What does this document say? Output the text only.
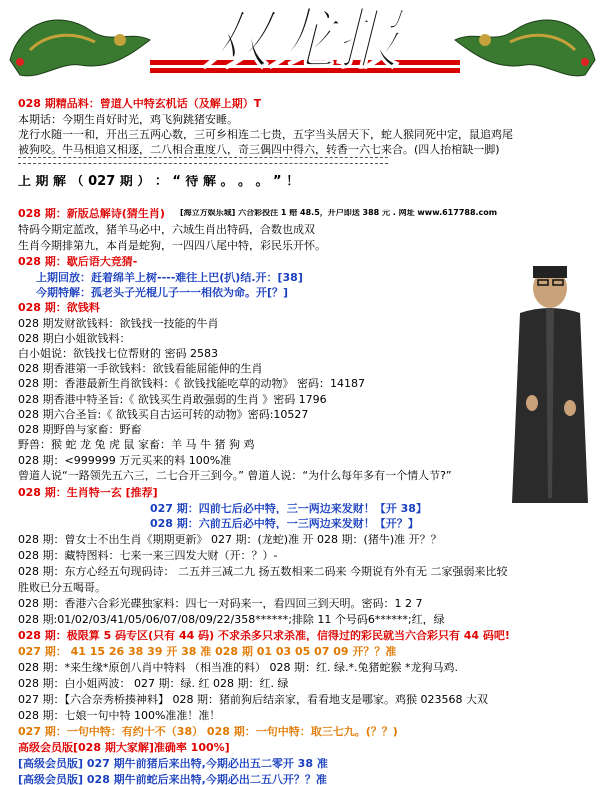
双龙报
028 期精品料：曾道人中特玄机话（及解上期）T
本期话：今期生肖好时光，鸡飞狗跳猪安睡。
龙行水随一一和，开出三五两心数，三可乡相连二七贵，五字当头居天下，蛇人猴同死中定，鼠追鸡尾
被狗咬。牛马相追又相逐，二八相合重度八，奇三偶四中得六，转香一六七来合。(四人抬棺缺一脚)
上 期 解 （ 027 期 ） ： “ 待 解 。 。 。 ” ！
028 期：新版总解诗(猜生肖)
特码今期定蓝改，猪羊马必中，六域生肖出特码，合数也成双
生肖今期排第九，本肖是蛇狗，一四四八尾中特，彩民乐开怀。
028 期：歇后语大竞猜-
上期回放：赶着绵羊上树----难往上巴(扒)结.开：[38]
今期特解：孤老头子光棍儿子一一相依为命。开[？]
028 期：欲钱料
028 期发财欲钱料：欲钱找一技能的牛肖
028 期白小姐欲钱料：
白小姐说：欲钱找七位帮财的 密码 2583
028 期香港第一手欲钱料：欲钱看能屈能伸的生肖
028 期：香港最新生肖欲钱料：《 欲钱找能吃草的动物》 密码：14187
028 期香港中特圣旨:《 欲钱买生肖敢强弱的生肖 》密码 1796
028 期六合圣旨:《 欲钱买自古运可转的动物》密码:10527
028 期野兽与家畜：野畜
野兽：猴 蛇 龙 兔 虎 鼠 家畜：羊 马 牛 猪 狗 鸡
028 期：<999999 万元买来的料 100%准
曾道人说“一路领先五六三，二七合开三到今。” 曾道人说：“为什么每年多有一个情人节?”
028 期：生肖特一玄 [推荐]
027 期：四前七后必中特，三一两边来发财！【开 38】
028 期：六前五后必中特，一三两边来发财！【开？】
028 期：曾女士不出生肖《期期更新》 027 期：(龙蛇)准 开 028 期：(猪牛)准 开？？
028 期：藏特图料：七来一来三四发大财（开：？）-
028 期：东方心经五句现码诗： 二五并三减二九 扬五数相来二码来 今期说有外有无 二家强弱来比较
胜败已分五喝哥。
028 期：香港六合彩光碟独家料：四七一对码来一，看四回三到天明。密码：1 2 7
028 期:01/02/03/41/05/06/07/08/09/22/358******;排除 11 个号码6******;红，绿
028 期：极限算 5 码专区(只有 44 码) 不求杀多只求杀准，信得过的彩民就当六合彩只有 44 码吧!
027 期： 41 15 26 38 39 开 38 准 028 期 01 03 05 07 09 开？？准
028 期：*来生缘*原创八肖中特料 （相当准的料） 028 期：红. 绿.*.兔猪蛇猴 *龙狗马鸡.
028 期：白小姐两波： 027 期：绿. 红 028 期：红. 绿
027 期：【六合奈秀桥揍神料】 028 期：猪前狗后结亲家，看看地支是哪家。鸡猴 023568 大双
028 期：七娘一句中特 100%准准！准！
027 期：一句中特：有约十不（38） 028 期：一句中特：取三七九。(？？)
高级会员版[028 期大家解]准确率 100%]
[高级会员版] 027 期牛前猪后来出特,今期必出五二零开 38 准
[高级会员版] 028 期牛前蛇后来出特,今期必出二五八开？？准
[海立方娱乐城] 六合彩投注 1 赔 48.5，开户即送 388 元 . 网址 www.617788.com
